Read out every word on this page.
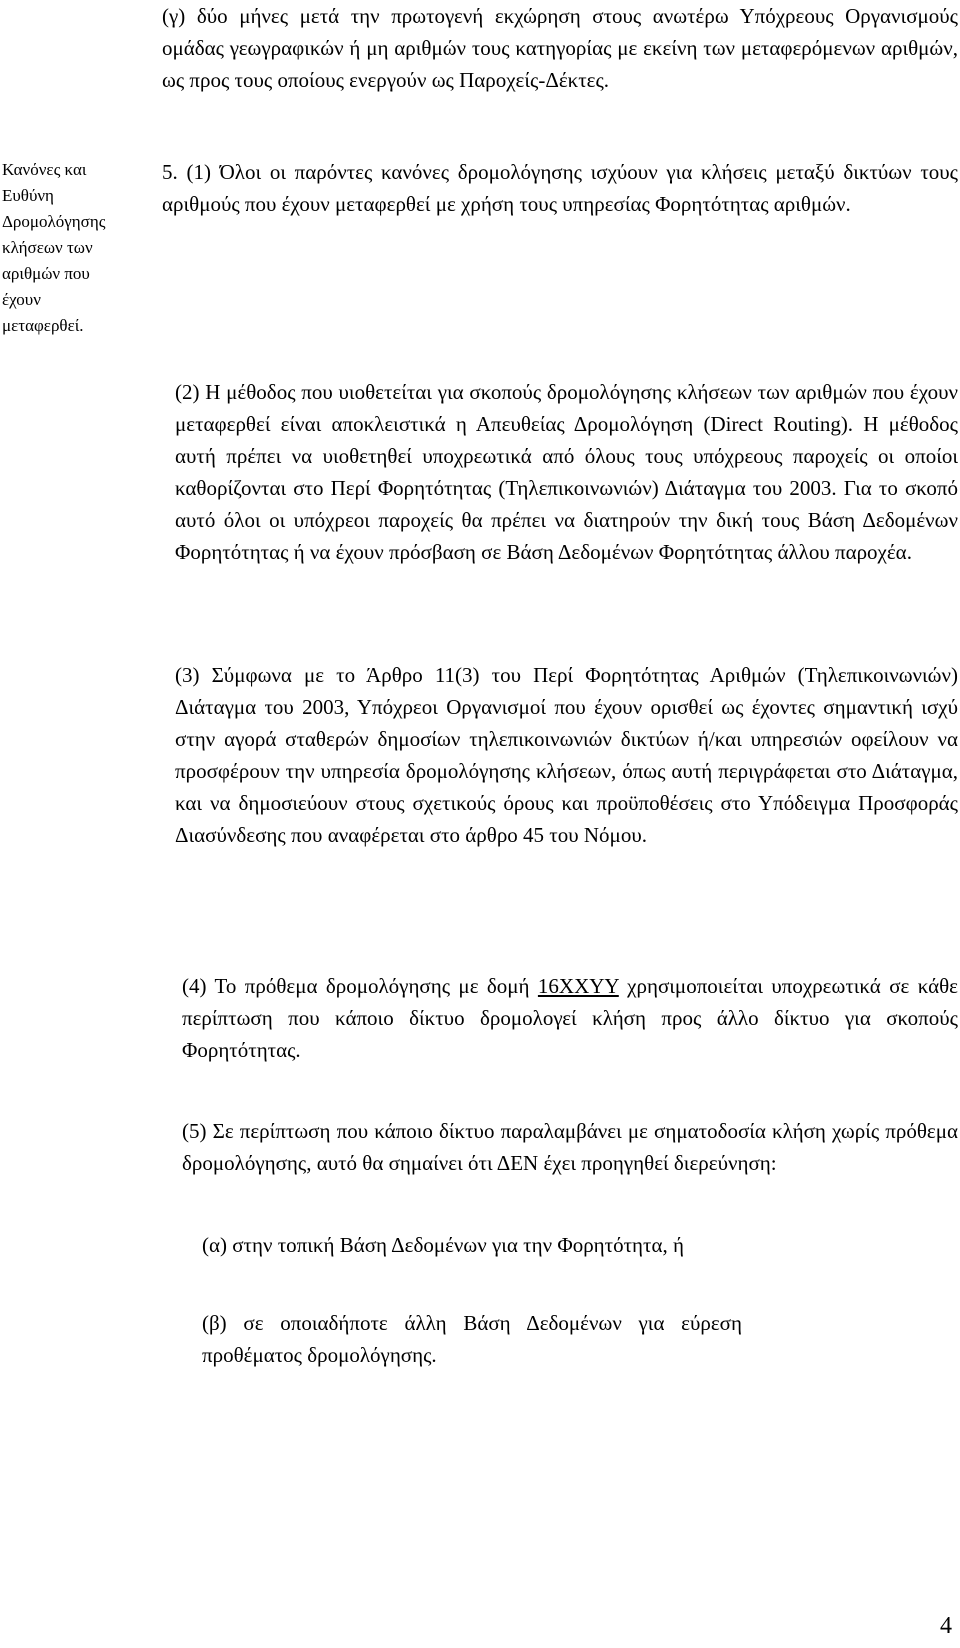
(γ) δύο μήνες μετά την πρωτογενή εκχώρηση στους ανωτέρω Υπόχρεους Οργανισμούς ομάδας γεωγραφικών ή μη αριθμών τους κατηγορίας με εκείνη των μεταφερόμενων αριθμών, ως προς τους οποίους ενεργούν ως Παροχείς-Δέκτες.

Κανόνες και Ευθύνη Δρομολόγησης κλήσεων των αριθμών που έχουν μεταφερθεί.

5. (1) Όλοι οι παρόντες κανόνες δρομολόγησης ισχύουν για κλήσεις μεταξύ δικτύων τους αριθμούς που έχουν μεταφερθεί με χρήση τους υπηρεσίας Φορητότητας αριθμών.

(2) Η μέθοδος που υιοθετείται για σκοπούς δρομολόγησης κλήσεων των αριθμών που έχουν μεταφερθεί είναι αποκλειστικά η Απευθείας Δρομολόγηση (Direct Routing). Η μέθοδος αυτή πρέπει να υιοθετηθεί υποχρεωτικά από όλους τους υπόχρεους παροχείς οι οποίοι καθορίζονται στο Περί Φορητότητας (Τηλεπικοινωνιών) Διάταγμα του 2003. Για το σκοπό αυτό όλοι οι υπόχρεοι παροχείς θα πρέπει να διατηρούν την δική τους Βάση Δεδομένων Φορητότητας ή να έχουν πρόσβαση σε Βάση Δεδομένων Φορητότητας άλλου παροχέα.

(3) Σύμφωνα με το Άρθρο 11(3) του Περί Φορητότητας Αριθμών (Τηλεπικοινωνιών) Διάταγμα του 2003, Υπόχρεοι Οργανισμοί που έχουν ορισθεί ως έχοντες σημαντική ισχύ στην αγορά σταθερών δημοσίων τηλεπικοινωνιών δικτύων ή/και υπηρεσιών οφείλουν να προσφέρουν την υπηρεσία δρομολόγησης κλήσεων, όπως αυτή περιγράφεται στο Διάταγμα, και να δημοσιεύουν στους σχετικούς όρους και προϋποθέσεις στο Υπόδειγμα Προσφοράς Διασύνδεσης που αναφέρεται στο άρθρο 45 του Νόμου.

(4) Το πρόθεμα δρομολόγησης με δομή 16XXYY χρησιμοποιείται υποχρεωτικά σε κάθε περίπτωση που κάποιο δίκτυο δρομολογεί κλήση προς άλλο δίκτυο για σκοπούς Φορητότητας.

(5) Σε περίπτωση που κάποιο δίκτυο παραλαμβάνει με σηματοδοσία κλήση χωρίς πρόθεμα δρομολόγησης, αυτό θα σημαίνει ότι ΔΕΝ έχει προηγηθεί διερεύνηση:

(α) στην τοπική Βάση Δεδομένων για την Φορητότητα, ή

(β) σε οποιαδήποτε άλλη Βάση Δεδομένων για εύρεση προθέματος δρομολόγησης.

4
